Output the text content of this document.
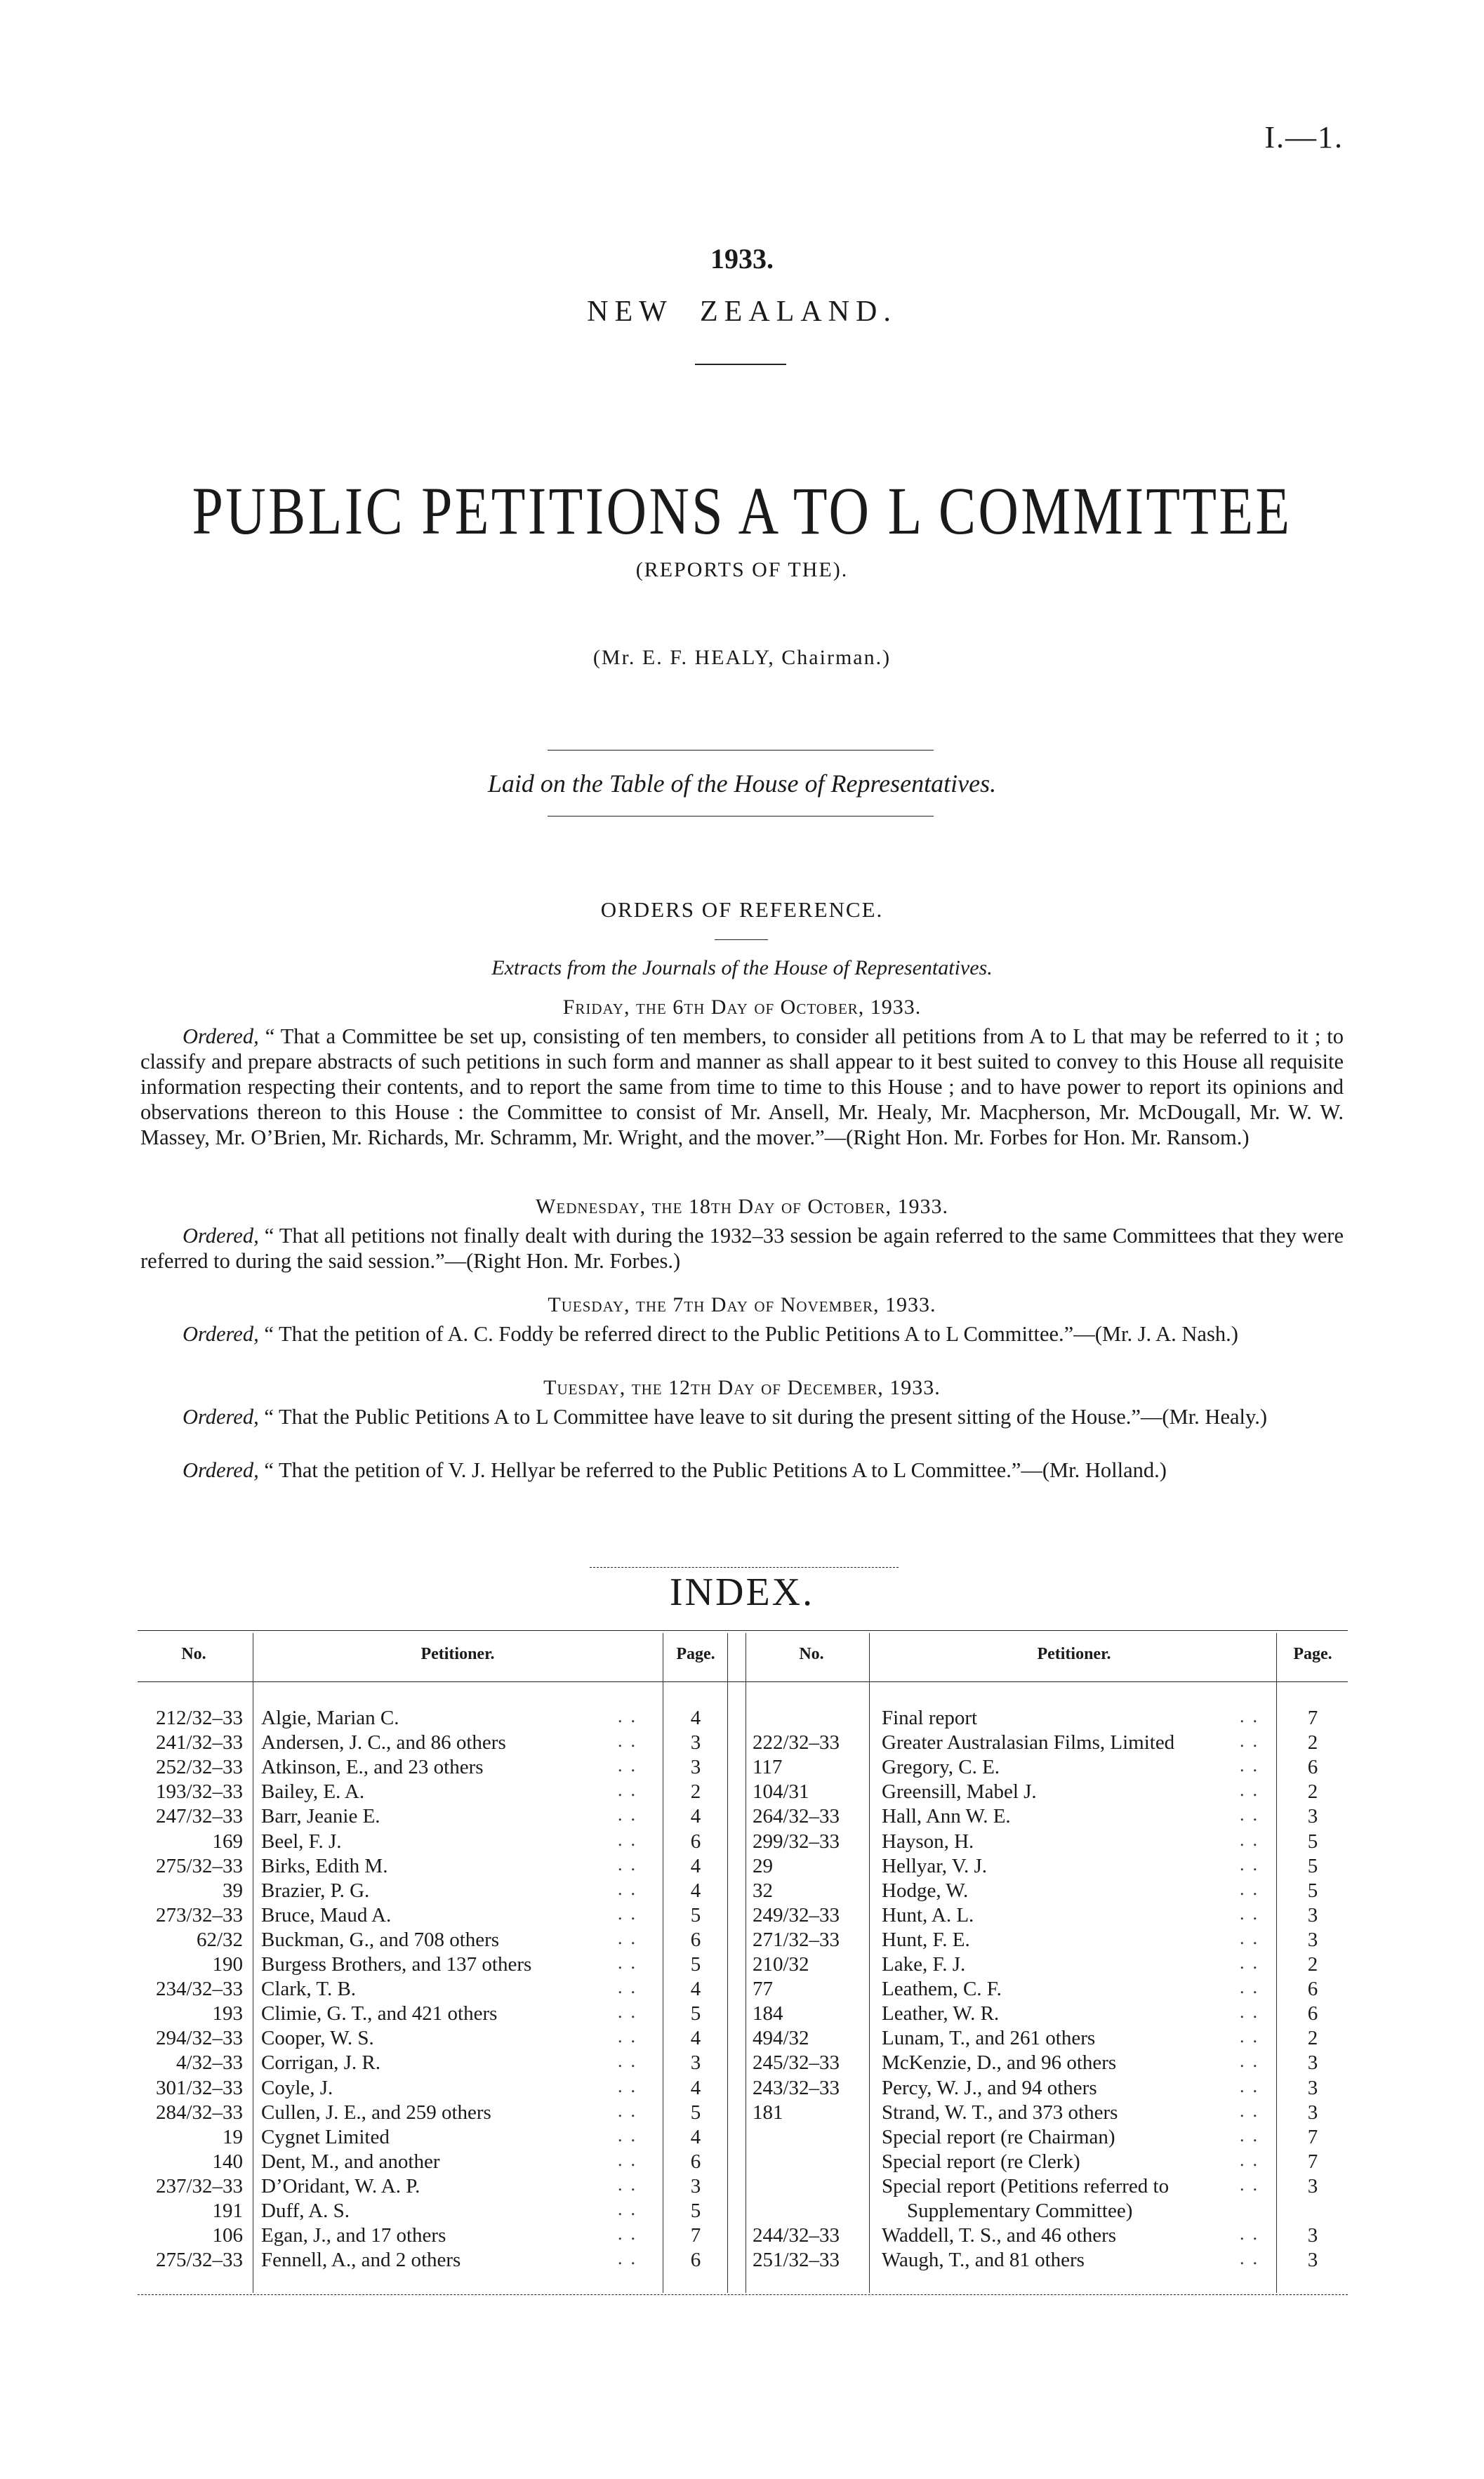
I.—1.
1933.
NEW  ZEALAND.
PUBLIC PETITIONS A TO L COMMITTEE
(REPORTS OF THE).
(Mr. E. F. HEALY, Chairman.)
Laid on the Table of the House of Representatives.
ORDERS OF REFERENCE.
Extracts from the Journals of the House of Representatives.
Friday, the 6th Day of October, 1933.
Ordered, “ That a Committee be set up, consisting of ten members, to consider all petitions from A to L that may be referred to it ; to classify and prepare abstracts of such petitions in such form and manner as shall appear to it best suited to convey to this House all requisite information respecting their contents, and to report the same from time to time to this House ; and to have power to report its opinions and observations thereon to this House : the Committee to consist of Mr. Ansell, Mr. Healy, Mr. Macpherson, Mr. McDougall, Mr. W. W. Massey, Mr. O’Brien, Mr. Richards, Mr. Schramm, Mr. Wright, and the mover.”—(Right Hon. Mr. Forbes for Hon. Mr. Ransom.)
Wednesday, the 18th Day of October, 1933.
Ordered, “ That all petitions not finally dealt with during the 1932–33 session be again referred to the same Committees that they were referred to during the said session.”—(Right Hon. Mr. Forbes.)
Tuesday, the 7th Day of November, 1933.
Ordered, “ That the petition of A. C. Foddy be referred direct to the Public Petitions A to L Committee.”—(Mr. J. A. Nash.)
Tuesday, the 12th Day of December, 1933.
Ordered, “ That the Public Petitions A to L Committee have leave to sit during the present sitting of the House.”—(Mr. Healy.)
Ordered, “ That the petition of V. J. Hellyar be referred to the Public Petitions A to L Committee.”—(Mr. Holland.)
INDEX.
No.	Petitioner.	Page.	No.	Petitioner.	Page.
212/32–33 Algie, Marian C.	4
..
241/32–33 Andersen, J. C., and 86 others	3
..
252/32–33 Atkinson, E., and 23 others	3
..
193/32–33 Bailey, E. A.	2
..
247/32–33 Barr, Jeanie E.	4
..
169 Beel, F. J.	6
..
275/32–33 Birks, Edith M.	4
..
39 Brazier, P. G.	4
..
273/32–33 Bruce, Maud A.	5
..
62/32 Buckman, G., and 708 others	6
..
190 Burgess Brothers, and 137 others	5
..
234/32–33 Clark, T. B.	4
..
193 Climie, G. T., and 421 others	5
..
294/32–33 Cooper, W. S.	4
..
4/32–33 Corrigan, J. R.	3
..
301/32–33 Coyle, J.	4
..
284/32–33 Cullen, J. E., and 259 others	5
..
19 Cygnet Limited	4
..
140 Dent, M., and another	6
..
237/32–33 D’Oridant, W. A. P.	3
..
191 Duff, A. S.	5
..
106 Egan, J., and 17 others	7
..
275/32–33 Fennell, A., and 2 others	6
..
Final report	7
..
222/32–33	Greater Australasian Films, Limited	2
..
117	Gregory, C. E.	6
..
104/31	Greensill, Mabel J.	2
..
264/32–33	Hall, Ann W. E.	3
..
299/32–33	Hayson, H.	5
..
29	Hellyar, V. J.	5
..
32	Hodge, W.	5
..
249/32–33	Hunt, A. L.	3
..
271/32–33	Hunt, F. E.	3
..
210/32	Lake, F. J.	2
..
77	Leathem, C. F.	6
..
184	Leather, W. R.	6
..
494/32	Lunam, T., and 261 others	2
..
245/32–33	McKenzie, D., and 96 others	3
..
243/32–33	Percy, W. J., and 94 others	3
..
181	Strand, W. T., and 373 others	3
..
Special report (re Chairman)	7
..
Special report (re Clerk)	7
..
Special report (Petitions referred to	3
..
Supplementary Committee)
244/32–33	Waddell, T. S., and 46 others	3
..
251/32–33	Waugh, T., and 81 others	3
..
